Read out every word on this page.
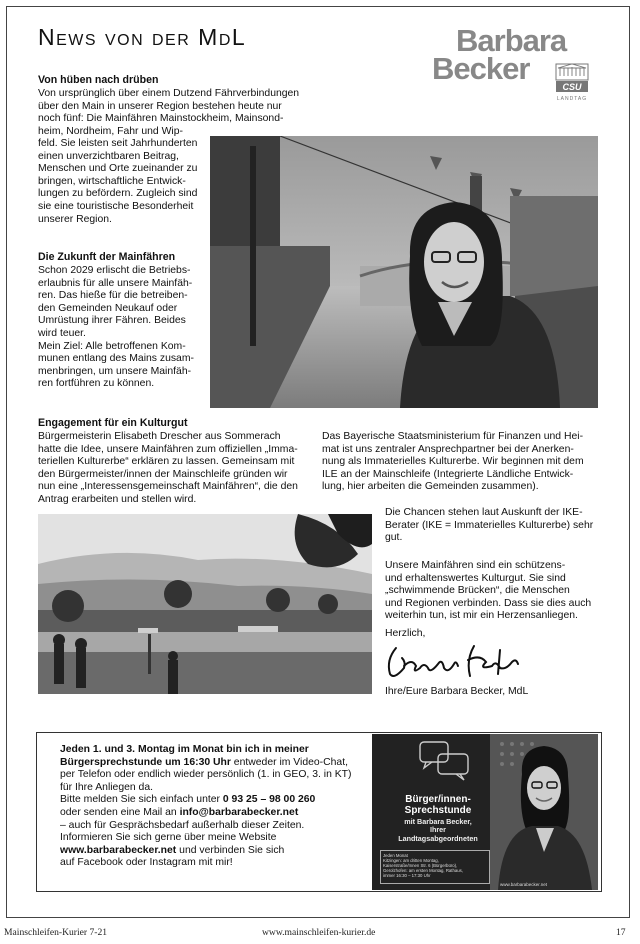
News von der MdL	Barbara
Becker
CSU
LANDTAG
Von hüben nach drüben
Von ursprünglich über einem Dutzend Fährverbindungen
über den Main in unserer Region bestehen heute nur
noch fünf: Die Mainfähren Mainstockheim, Mainsond-
heim, Nordheim, Fahr und Wip-
feld. Sie leisten seit Jahrhunderten
einen unverzichtbaren Beitrag,
Menschen und Orte zueinander zu
bringen, wirtschaftliche Entwick-
lungen zu befördern. Zugleich sind
sie eine touristische Besonderheit
unserer Region.
Die Zukunft der Mainfähren
Schon 2029 erlischt die Betriebs-
erlaubnis für alle unsere Mainfäh-
ren. Das hieße für die betreiben-
den Gemeinden Neukauf oder
Umrüstung ihrer Fähren. Beides
wird teuer.
Mein Ziel: Alle betroffenen Kom-
munen entlang des Mains zusam-
menbringen, um unsere Mainfäh-
ren fortführen zu können.
Engagement für ein Kulturgut
Bürgermeisterin Elisabeth Drescher aus Sommerach
hatte die Idee, unsere Mainfähren zum offiziellen „Imma-
teriellen Kulturerbe“ erklären zu lassen. Gemeinsam mit
den Bürgermeister/innen der Mainschleife gründen wir
nun eine „Interessensgemeinschaft Mainfähren“, die den
Antrag erarbeiten und stellen wird.
Das Bayerische Staatsministerium für Finanzen und Hei-
mat ist uns zentraler Ansprechpartner bei der Anerken-
nung als Immaterielles Kulturerbe. Wir beginnen mit dem
ILE an der Mainschleife (Integrierte Ländliche Entwick-
lung, hier arbeiten die Gemeinden zusammen).
Die Chancen stehen laut Auskunft der IKE-
Berater (IKE = Immaterielles Kulturerbe) sehr
gut.
Unsere Mainfähren sind ein schützens-
und erhaltenswertes Kulturgut. Sie sind
„schwimmende Brücken“, die Menschen
und Regionen verbinden. Dass sie dies auch
weiterhin tun, ist mir ein Herzensanliegen.
Herzlich,
Ihre/Eure Barbara Becker, MdL
Jeden 1. und 3. Montag im Monat bin ich in meiner
Bürgersprechstunde um 16:30 Uhr entweder im Video-Chat,
per Telefon oder endlich wieder persönlich (1. in GEO, 3. in KT)
für Ihre Anliegen da.
Bitte melden Sie sich einfach unter 0 93 25 – 98 00 260
oder senden eine Mail an info@barbarabecker.net
– auch für Gesprächsbedarf außerhalb dieser Zeiten.
Informieren Sie sich gerne über meine Website
www.barbarabecker.net und verbinden Sie sich
auf Facebook oder Instagram mit mir!
Bürger/innen-
Sprechstunde
mit Barbara Becker,
Ihrer
Landtagsabgeordneten
Jeden Monat
Kitzingen: am dritten Montag,
Kaiserstraße/Innen Str. 6 (Bürgerbüro),
Gerolzhofen: am ersten Montag, Rathaus,
immer 16:30 – 17:30 Uhr
www.barbarabecker.net
Mainschleifen-Kurier 7-21	www.mainschleifen-kurier.de	17
